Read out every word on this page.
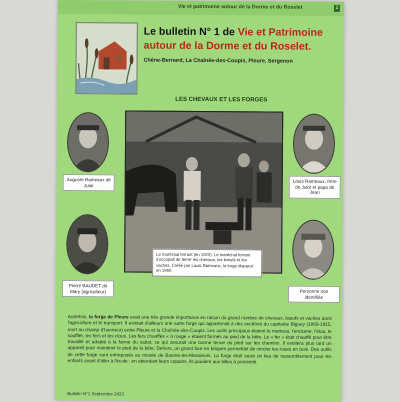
Vie et patrimoine autour de la Dorme et du Roselet	1
Le bulletin N° 1 de Vie et Patrimoine
autour de la Dorme et du Roselet.
Chêne-Bernard, La Chaînée-des-Coupis, Pleure, Sergenon
LES CHEVAUX ET LES FORGES
Auguste Rameaux dit Julot
Pierre BAUDET dit Mary (agriculteur)
Louis Rameaux, frère de Julot et papa de Jean
Personne non identifiée
Le maréchal ferrant (en 1920). Le maréchal ferrant s'occupait de ferrer les chevaux, les bœufs et les vaches. Créée par Louis Rameaux, la forge disparut en 1960.
Autrefois, la forge de Pleure avait une très grande importance en raison du grand nombre de chevaux, bœufs et vaches dans l'agriculture et le transport. Il existait d'ailleurs une autre forge qui appartenait à des ancêtres du capitaine Biguey (1869-1915, mort au champ d'honneur) entre Pleure et la Chaînée-des-Coupis. Les outils principaux étaient le marteau, l'enclume, l'étau, le soufflet, les fers et les clous. Les fers chauffés « à rouge » étaient formés au pied de la bête. Le « fer » était chauffé pour être travaillé et adapté à la forme du sabot, ce qui assurait une bonne tenue du pied sur les chemins. Il existera plus tard un appareil pour maintenir le pied de la bête. Dehors, un grand four en briques permettait de cercler les roues en bois. Des outils de cette forge sont entreposés au musée de Baume-les-Messieurs. La forge était aussi un lieu de rassemblement pour les enfants avant d'aller à l'école : en attendant leurs copains, ils jouaient aux billes à proximité.
Bulletin N°1 Septembre 2023
